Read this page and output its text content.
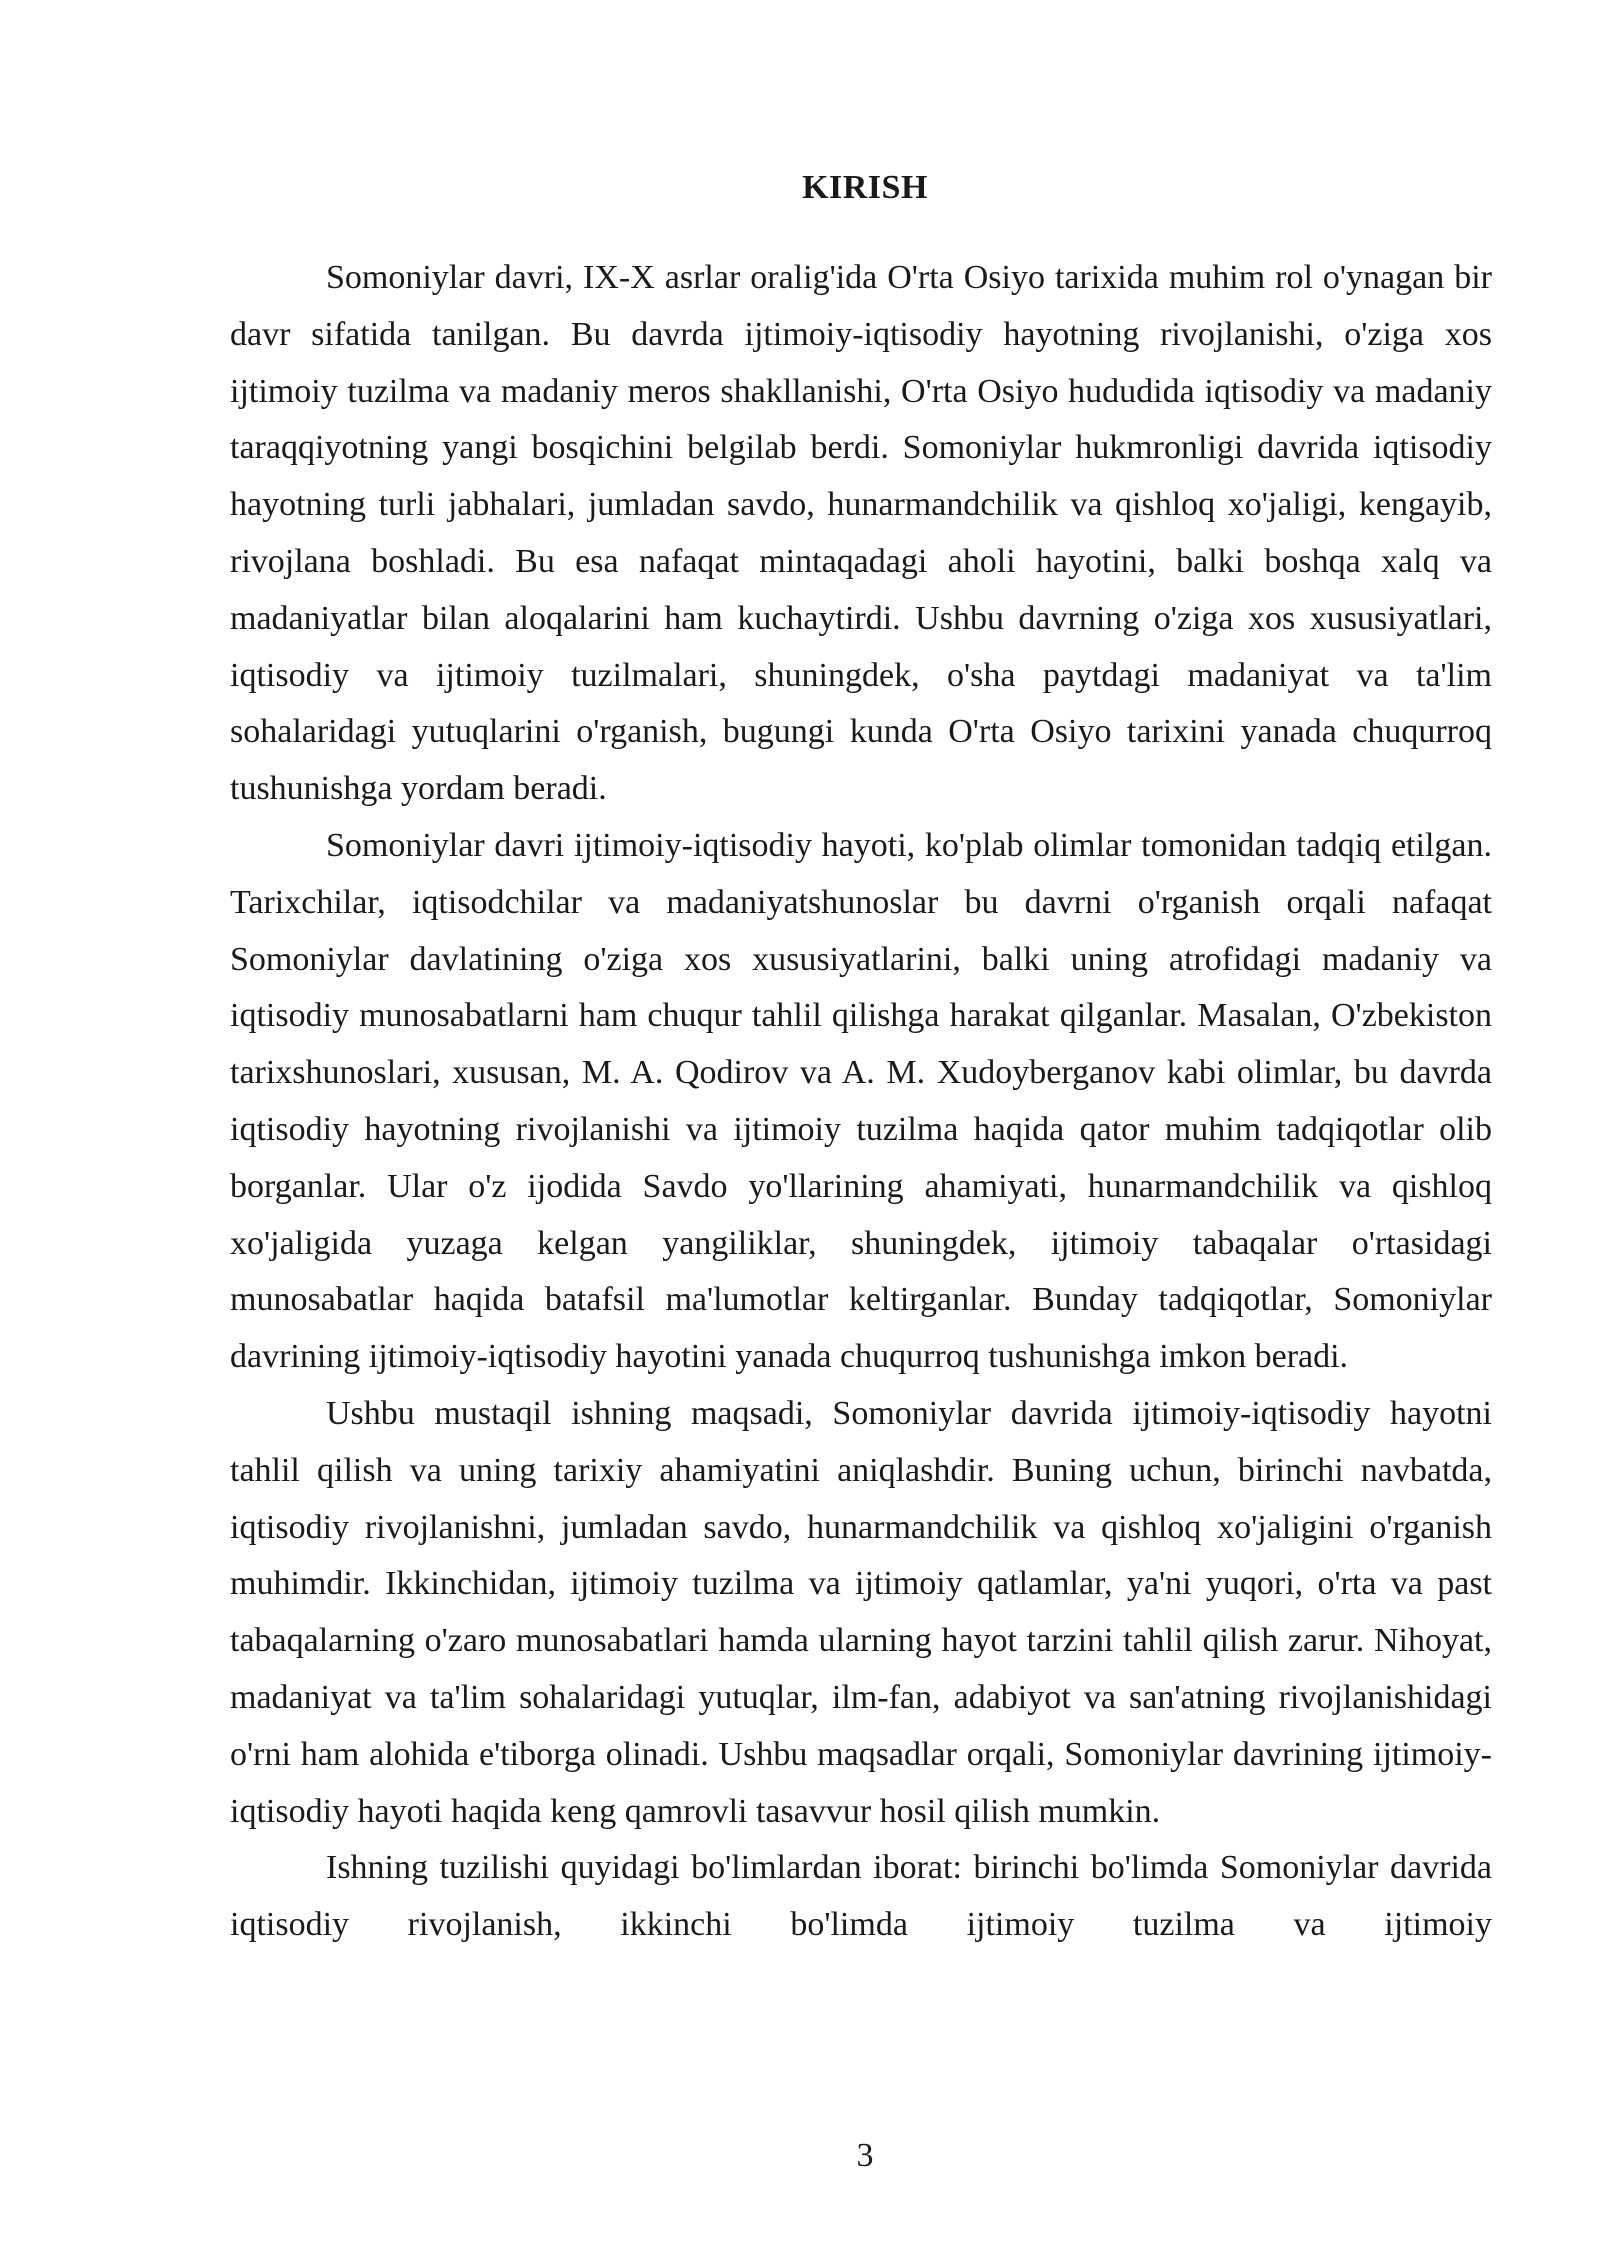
KIRISH

Somoniylar davri, IX-X asrlar oralig'ida O'rta Osiyo tarixida muhim rol o'ynagan bir davr sifatida tanilgan. Bu davrda ijtimoiy-iqtisodiy hayotning rivojlanishi, o'ziga xos ijtimoiy tuzilma va madaniy meros shakllanishi, O'rta Osiyo hududida iqtisodiy va madaniy taraqqiyotning yangi bosqichini belgilab berdi. Somoniylar hukmronligi davrida iqtisodiy hayotning turli jabhalari, jumladan savdo, hunarmandchilik va qishloq xo'jaligi, kengayib, rivojlana boshladi. Bu esa nafaqat mintaqadagi aholi hayotini, balki boshqa xalq va madaniyatlar bilan aloqalarini ham kuchaytirdi. Ushbu davrning o'ziga xos xususiyatlari, iqtisodiy va ijtimoiy tuzilmalari, shuningdek, o'sha paytdagi madaniyat va ta'lim sohalaridagi yutuqlarini o'rganish, bugungi kunda O'rta Osiyo tarixini yanada chuqurroq tushunishga yordam beradi.

Somoniylar davri ijtimoiy-iqtisodiy hayoti, ko'plab olimlar tomonidan tadqiq etilgan. Tarixchilar, iqtisodchilar va madaniyatshunoslar bu davrni o'rganish orqali nafaqat Somoniylar davlatining o'ziga xos xususiyatlarini, balki uning atrofidagi madaniy va iqtisodiy munosabatlarni ham chuqur tahlil qilishga harakat qilganlar. Masalan, O'zbekiston tarixshunoslari, xususan, M. A. Qodirov va A. M. Xudoyberganov kabi olimlar, bu davrda iqtisodiy hayotning rivojlanishi va ijtimoiy tuzilma haqida qator muhim tadqiqotlar olib borganlar. Ular o'z ijodida Savdo yo'llarining ahamiyati, hunarmandchilik va qishloq xo'jaligida yuzaga kelgan yangiliklar, shuningdek, ijtimoiy tabaqalar o'rtasidagi munosabatlar haqida batafsil ma'lumotlar keltirganlar. Bunday tadqiqotlar, Somoniylar davrining ijtimoiy-iqtisodiy hayotini yanada chuqurroq tushunishga imkon beradi.

Ushbu mustaqil ishning maqsadi, Somoniylar davrida ijtimoiy-iqtisodiy hayotni tahlil qilish va uning tarixiy ahamiyatini aniqlashdir. Buning uchun, birinchi navbatda, iqtisodiy rivojlanishni, jumladan savdo, hunarmandchilik va qishloq xo'jaligini o'rganish muhimdir. Ikkinchidan, ijtimoiy tuzilma va ijtimoiy qatlamlar, ya'ni yuqori, o'rta va past tabaqalarning o'zaro munosabatlari hamda ularning hayot tarzini tahlil qilish zarur. Nihoyat, madaniyat va ta'lim sohalaridagi yutuqlar, ilm-fan, adabiyot va san'atning rivojlanishidagi o'rni ham alohida e'tiborga olinadi. Ushbu maqsadlar orqali, Somoniylar davrining ijtimoiy-iqtisodiy hayoti haqida keng qamrovli tasavvur hosil qilish mumkin.

Ishning tuzilishi quyidagi bo'limlardan iborat: birinchi bo'limda Somoniylar davrida iqtisodiy rivojlanish, ikkinchi bo'limda ijtimoiy tuzilma va ijtimoiy

3
